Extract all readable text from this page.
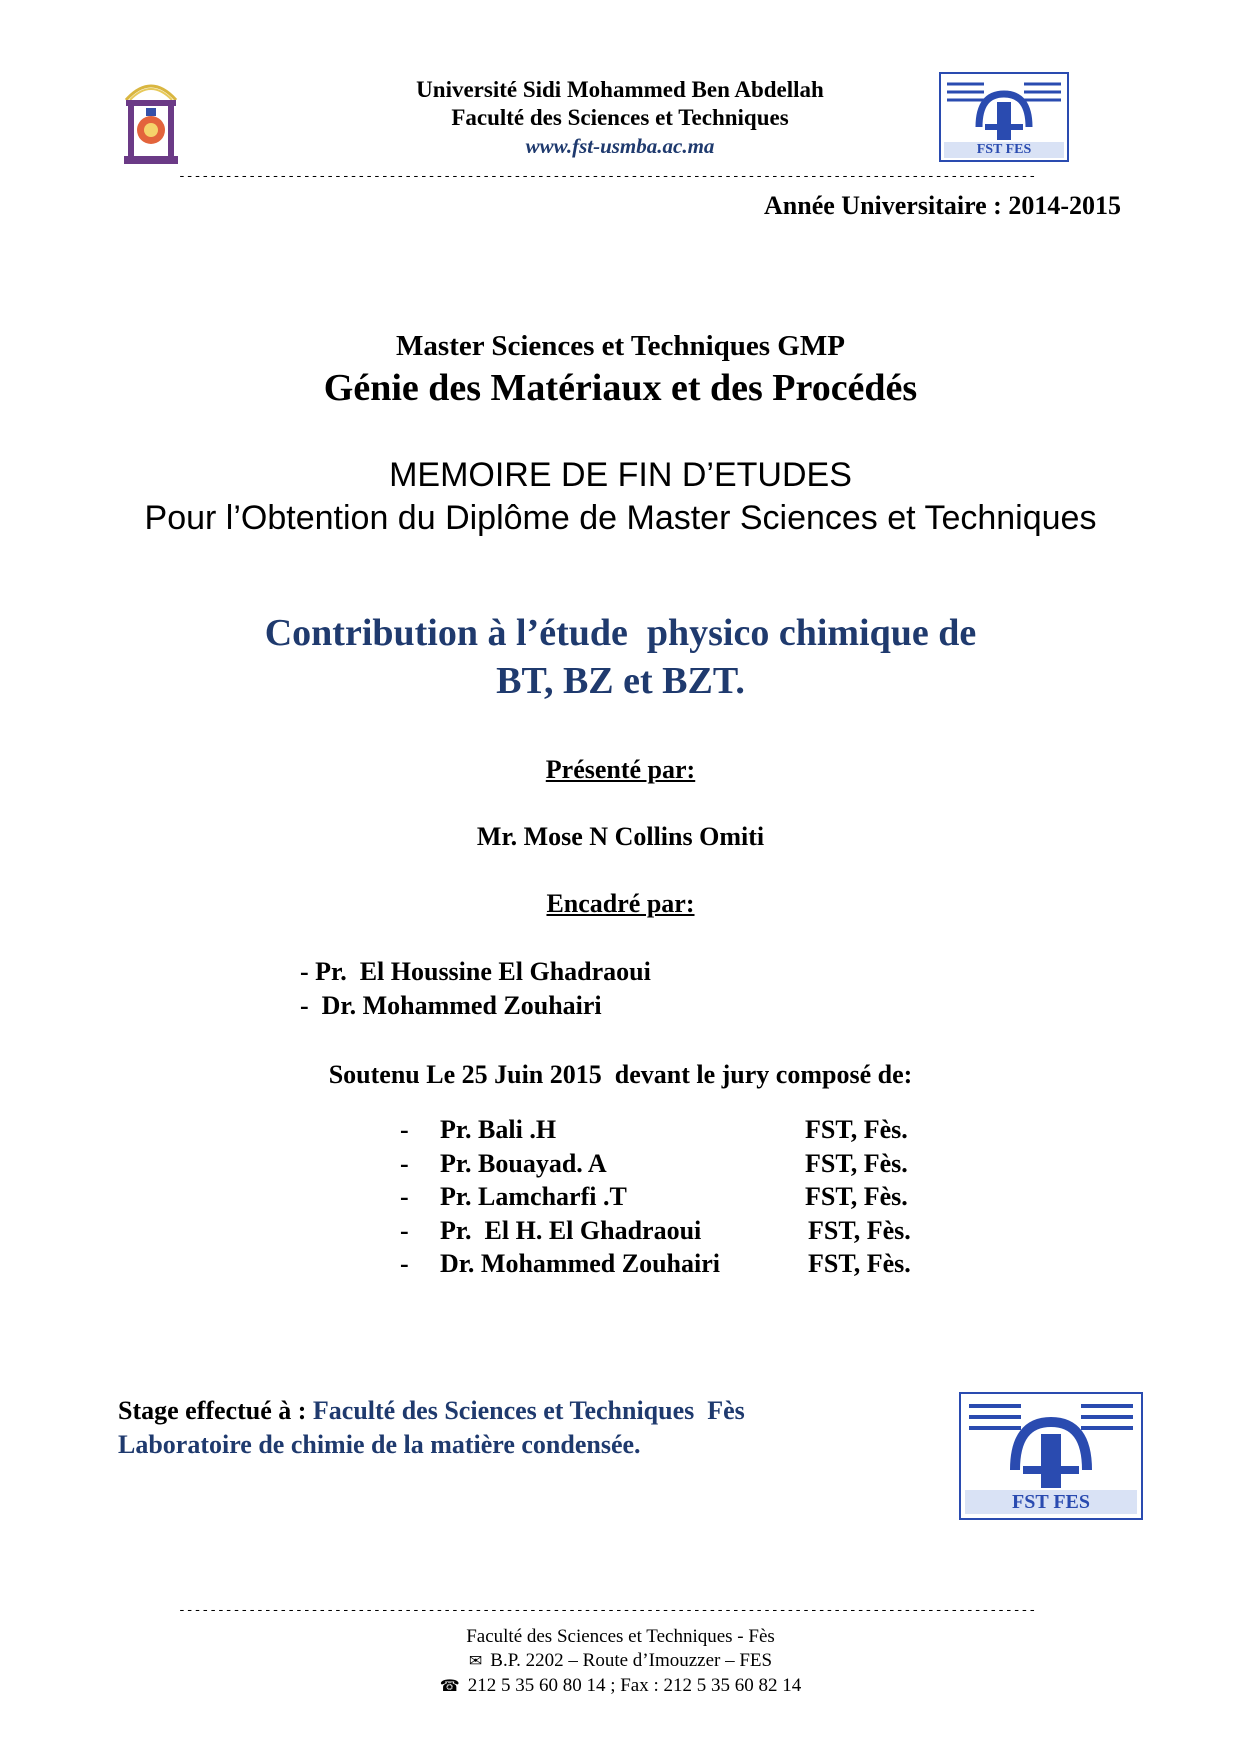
Université Sidi Mohammed Ben Abdellah
Faculté des Sciences et Techniques
www.fst-usmba.ac.ma	FST FES
--------------------------------------------------------------------------------------------------------------
Année Universitaire : 2014-2015
Master Sciences et Techniques GMP
Génie des Matériaux et des Procédés
MEMOIRE DE FIN D’ETUDES
Pour l’Obtention du Diplôme de Master Sciences et Techniques
Contribution à l’étude  physico chimique de
BT, BZ et BZT.
Présenté par:
Mr. Mose N Collins Omiti
Encadré par:
- Pr.  El Houssine El Ghadraoui
-  Dr. Mohammed Zouhairi
Soutenu Le 25 Juin 2015  devant le jury composé de:
- Pr. Bali .H	FST, Fès.
- Pr. Bouayad. A	FST, Fès.
- Pr. Lamcharfi .T	FST, Fès.
- Pr.  El H. El Ghadraoui	FST, Fès.
- Dr. Mohammed Zouhairi	FST, Fès.
Stage effectué à : Faculté des Sciences et Techniques  Fès
Laboratoire de chimie de la matière condensée.
FST FES
--------------------------------------------------------------------------------------------------------------
Faculté des Sciences et Techniques - Fès
✉ B.P. 2202 – Route d’Imouzzer – FES
☎ 212 5 35 60 80 14 ; Fax : 212 5 35 60 82 14
